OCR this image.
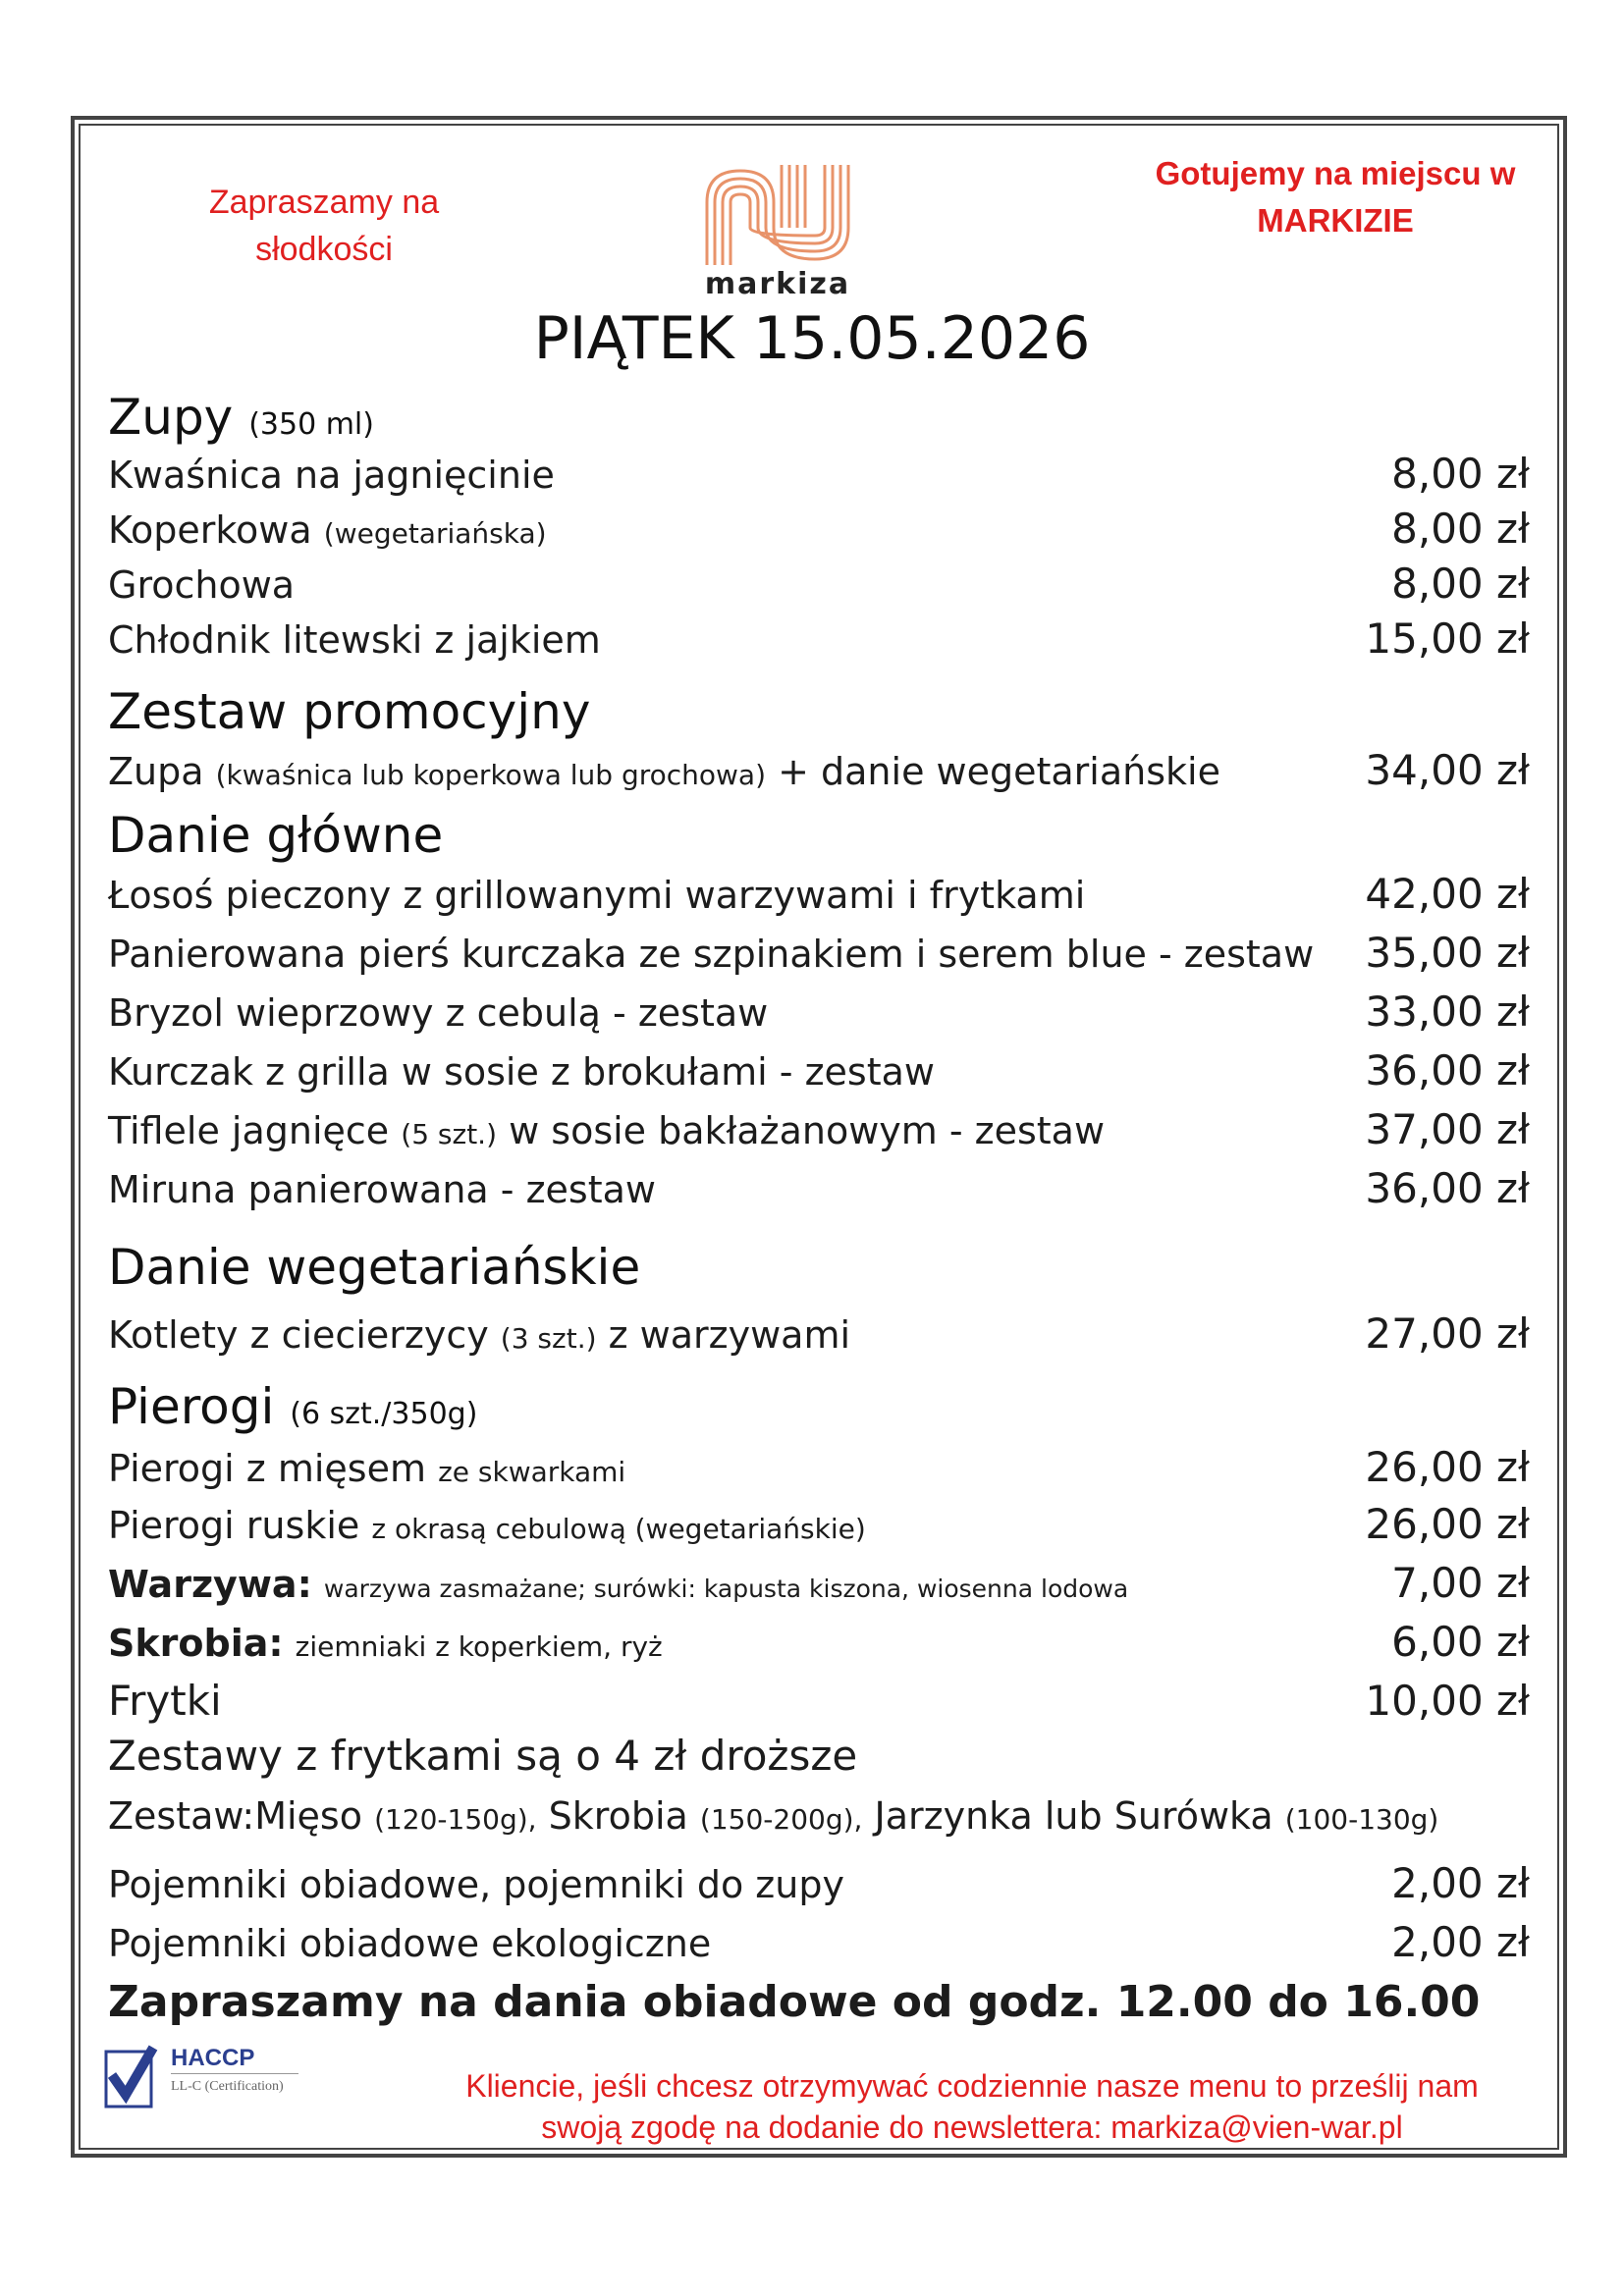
Zapraszamy na słodkości
Gotujemy na miejscu w MARKIZIE
markiza
PIĄTEK 15.05.2026
Zupy (350 ml)
Kwaśnica na jagnięcinie	8,00 zł
Koperkowa (wegetariańska)	8,00 zł
Grochowa	8,00 zł
Chłodnik litewski z jajkiem	15,00 zł
Zestaw promocyjny
Zupa (kwaśnica lub koperkowa lub grochowa) + danie wegetariańskie	34,00 zł
Danie główne
Łosoś pieczony z grillowanymi warzywami i frytkami	42,00 zł
Panierowana pierś kurczaka ze szpinakiem i serem blue - zestaw 35,00 zł
Bryzol wieprzowy z cebulą - zestaw	33,00 zł
Kurczak z grilla w sosie z brokułami - zestaw	36,00 zł
Tiflele jagnięce (5 szt.) w sosie bakłażanowym - zestaw	37,00 zł
Miruna panierowana - zestaw	36,00 zł
Danie wegetariańskie
Kotlety z ciecierzycy (3 szt.) z warzywami	27,00 zł
Pierogi (6 szt./350g)
Pierogi z mięsem ze skwarkami	26,00 zł
Pierogi ruskie z okrasą cebulową (wegetariańskie)	26,00 zł
Warzywa: warzywa zasmażane; surówki: kapusta kiszona, wiosenna lodowa	7,00 zł
Skrobia: ziemniaki z koperkiem, ryż	6,00 zł
Frytki	10,00 zł
Zestawy z frytkami są o 4 zł droższe
Zestaw:Mięso (120-150g), Skrobia (150-200g), Jarzynka lub Surówka (100-130g)
Pojemniki obiadowe, pojemniki do zupy	2,00 zł
Pojemniki obiadowe ekologiczne	2,00 zł
Zapraszamy na dania obiadowe od godz. 12.00 do 16.00
HACCP
LL-C (Certification)	Kliencie, jeśli chcesz otrzymywać codziennie nasze menu to prześlij nam
swoją zgodę na dodanie do newslettera: markiza@vien-war.pl
